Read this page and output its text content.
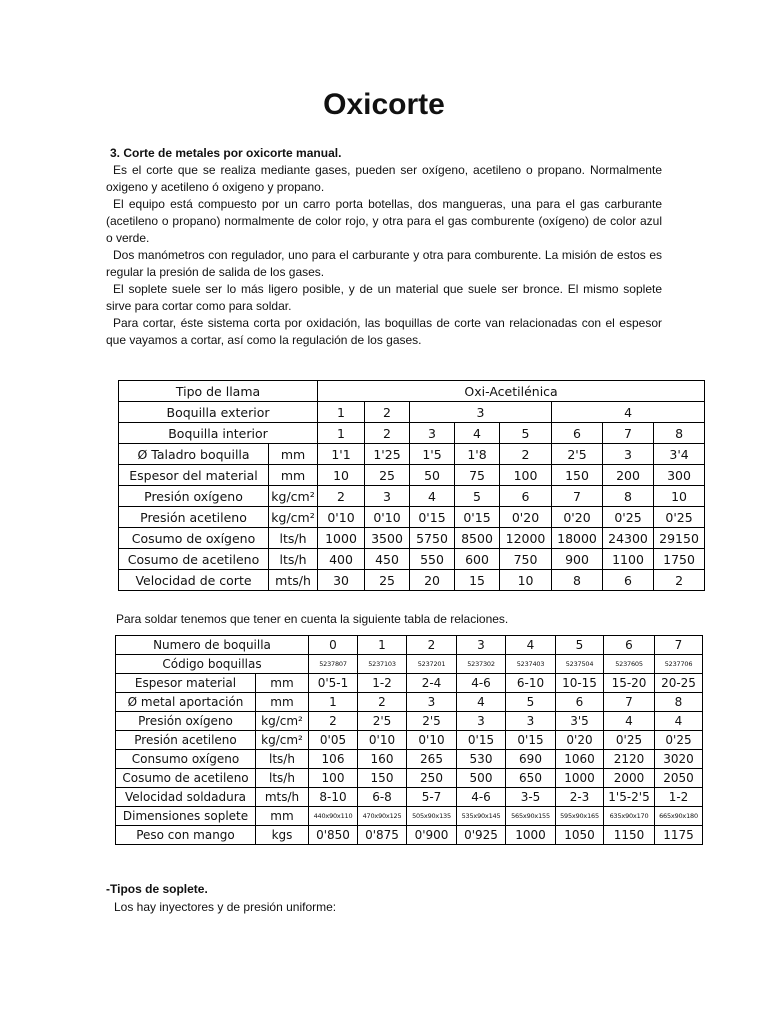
Oxicorte
3. Corte de metales por oxicorte manual.

Es el corte que se realiza mediante gases, pueden ser oxígeno, acetileno o propano. Normalmente oxigeno y acetileno ó oxigeno y propano.

El equipo está compuesto por un carro porta botellas, dos mangueras, una para el gas carburante (acetileno o propano) normalmente de color rojo, y otra para el gas comburente (oxígeno) de color azul o verde.

Dos manómetros con regulador, uno para el carburante y otra para comburente. La misión de estos es regular la presión de salida de los gases.

El soplete suele ser lo más ligero posible, y de un material que suele ser bronce. El mismo soplete sirve para cortar como para soldar.

Para cortar, éste sistema corta por oxidación, las boquillas de corte van relacionadas con el espesor que vayamos a cortar, así como la regulación de los gases.

Tipo de llama		Oxi-Acetilénica							
Boquilla exterior		1	2	3			4		
Boquilla interior		1	2	3	4	5	6	7	8
Ø Taladro boquilla	mm	1'1	1'25	1'5	1'8	2	2'5	3	3'4
Espesor del material	mm	10	25	50	75	100	150	200	300
Presión oxígeno	kg/cm²	2	3	4	5	6	7	8	10
Presión acetileno	kg/cm²	0'10	0'10	0'15	0'15	0'20	0'20	0'25	0'25
Cosumo de oxígeno	lts/h	1000	3500	5750	8500	12000	18000	24300	29150
Cosumo de acetileno	lts/h	400	450	550	600	750	900	1100	1750
Velocidad de corte	mts/h	30	25	20	15	10	8	6	2
Para soldar tenemos que tener en cuenta la siguiente tabla de relaciones.
Numero de boquilla		0	1	2	3	4	5	6	7
Código boquillas		5237807	5237103	5237201	5237302	5237403	5237504	5237605	5237706
Espesor material	mm	0'5-1	1-2	2-4	4-6	6-10	10-15	15-20	20-25
Ø metal aportación	mm	1	2	3	4	5	6	7	8
Presión oxígeno	kg/cm²	2	2'5	2'5	3	3	3'5	4	4
Presión acetileno	kg/cm²	0'05	0'10	0'10	0'15	0'15	0'20	0'25	0'25
Consumo oxígeno	lts/h	106	160	265	530	690	1060	2120	3020
Cosumo de acetileno	lts/h	100	150	250	500	650	1000	2000	2050
Velocidad soldadura	mts/h	8-10	6-8	5-7	4-6	3-5	2-3	1'5-2'5	1-2
Dimensiones soplete	mm	440x90x110	470x90x125	505x90x135	535x90x145	565x90x155	595x90x165	635x90x170	665x90x180
Peso con mango	kgs	0'850	0'875	0'900	0'925	1000	1050	1150	1175
-Tipos de soplete.
Los hay inyectores y de presión uniforme:
